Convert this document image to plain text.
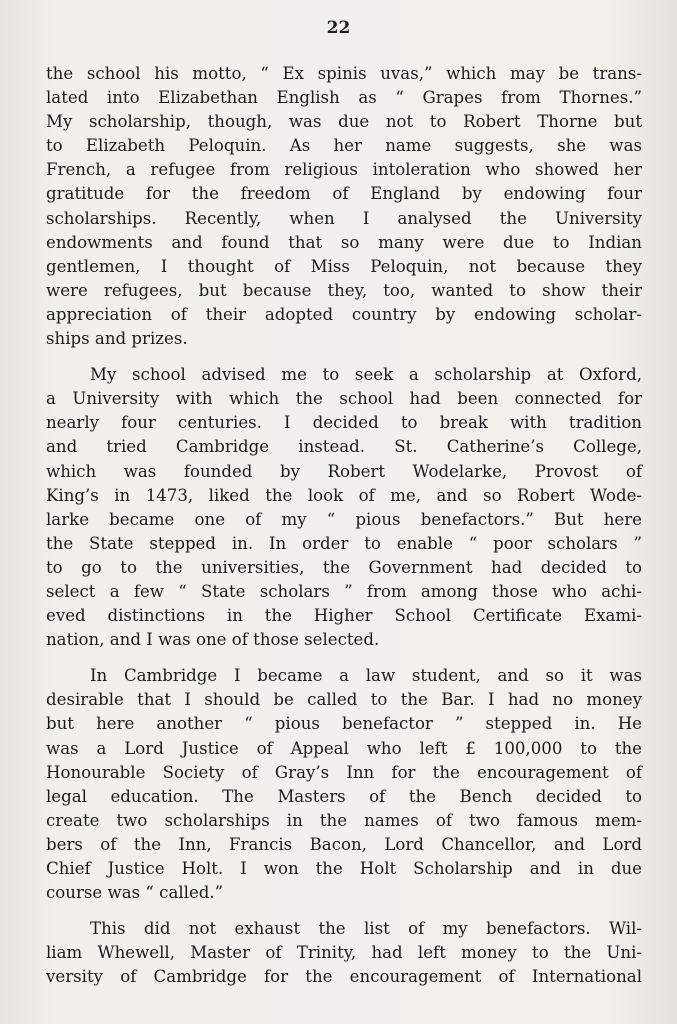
22
the school his motto, “ Ex spinis uvas,” which may be trans-
lated into Elizabethan English as “ Grapes from Thornes.”
My scholarship, though, was due not to Robert Thorne but
to Elizabeth Peloquin. As her name suggests, she was
French, a refugee from religious intoleration who showed her
gratitude for the freedom of England by endowing four
scholarships. Recently, when I analysed the University
endowments and found that so many were due to Indian
gentlemen, I thought of Miss Peloquin, not because they
were refugees, but because they, too, wanted to show their
appreciation of their adopted country by endowing scholar-
ships and prizes.
My school advised me to seek a scholarship at Oxford,
a University with which the school had been connected for
nearly four centuries. I decided to break with tradition
and tried Cambridge instead. St. Catherine’s College,
which was founded by Robert Wodelarke, Provost of
King’s in 1473, liked the look of me, and so Robert Wode-
larke became one of my “ pious benefactors.” But here
the State stepped in. In order to enable “ poor scholars ”
to go to the universities, the Government had decided to
select a few “ State scholars ” from among those who achi-
eved distinctions in the Higher School Certificate Exami-
nation, and I was one of those selected.
In Cambridge I became a law student, and so it was
desirable that I should be called to the Bar. I had no money
but here another “ pious benefactor ” stepped in. He
was a Lord Justice of Appeal who left £ 100,000 to the
Honourable Society of Gray’s Inn for the encouragement of
legal education. The Masters of the Bench decided to
create two scholarships in the names of two famous mem-
bers of the Inn, Francis Bacon, Lord Chancellor, and Lord
Chief Justice Holt. I won the Holt Scholarship and in due
course was “ called.”
This did not exhaust the list of my benefactors. Wil-
liam Whewell, Master of Trinity, had left money to the Uni-
versity of Cambridge for the encouragement of International
